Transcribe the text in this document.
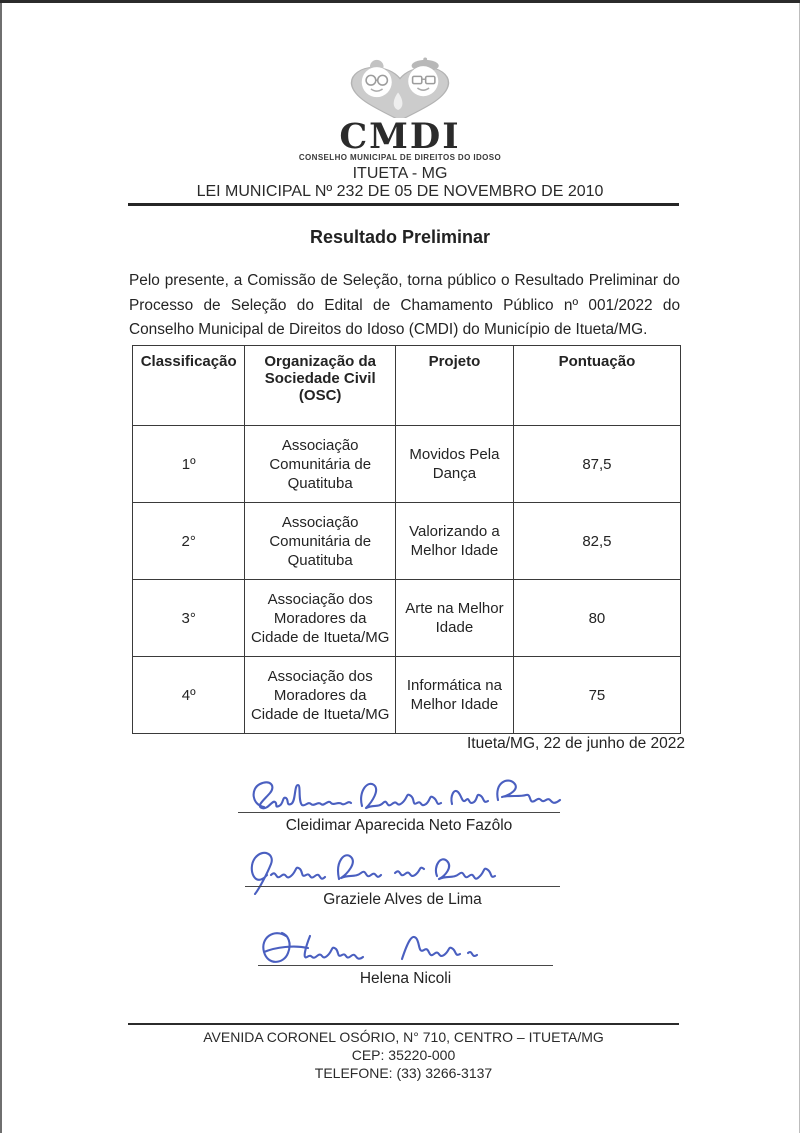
CMDI
CONSELHO MUNICIPAL DE DIREITOS DO IDOSO
ITUETA - MG
LEI MUNICIPAL Nº 232 DE 05 DE NOVEMBRO DE 2010
Resultado Preliminar
Pelo presente, a Comissão de Seleção, torna público o Resultado Preliminar do Processo de Seleção do Edital de Chamamento Público nº 001/2022 do Conselho Municipal de Direitos do Idoso (CMDI) do Município de Itueta/MG.
Classificação	Organização da Sociedade Civil (OSC)	Projeto	Pontuação
1º	Associação Comunitária de Quatituba	Movidos Pela Dança	87,5
2°	Associação Comunitária de Quatituba	Valorizando a Melhor Idade	82,5
3°	Associação dos Moradores da Cidade de Itueta/MG	Arte na Melhor Idade	80
4º	Associação dos Moradores da Cidade de Itueta/MG	Informática na Melhor Idade	75
Itueta/MG, 22 de junho de 2022
Cleidimar Aparecida Neto Fazôlo
Graziele Alves de Lima
Helena Nicoli
AVENIDA CORONEL OSÓRIO, N° 710, CENTRO – ITUETA/MG
CEP: 35220-000
TELEFONE: (33) 3266-3137
